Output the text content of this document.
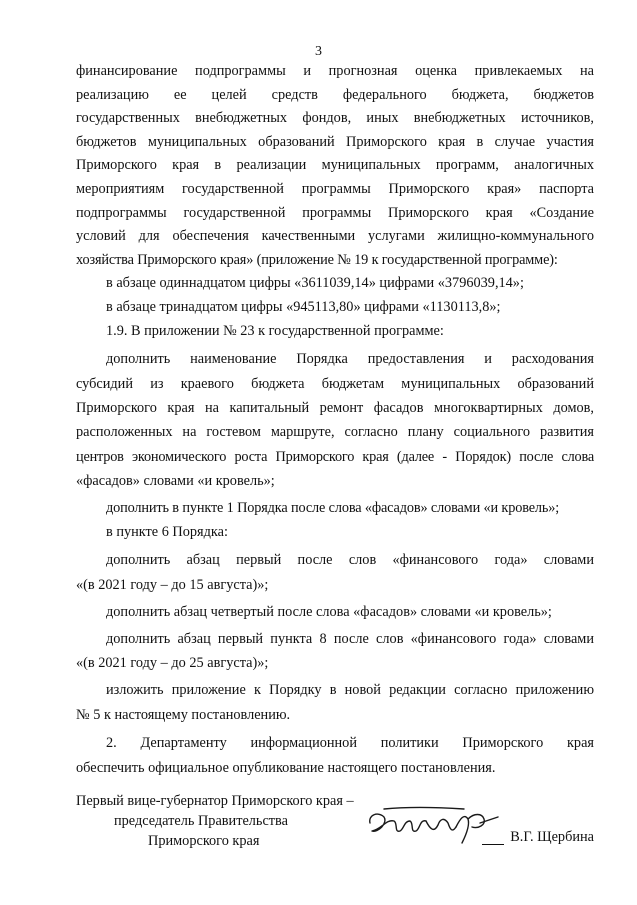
3

финансирование подпрограммы и прогнозная оценка привлекаемых на

реализацию ее целей средств федерального бюджета, бюджетов

государственных внебюджетных фондов, иных внебюджетных источников,

бюджетов муниципальных образований Приморского края в случае участия

Приморского края в реализации муниципальных программ, аналогичных

мероприятиям государственной программы Приморского края» паспорта

подпрограммы государственной программы Приморского края «Создание

условий для обеспечения качественными услугами жилищно-коммунального

хозяйства Приморского края» (приложение № 19 к государственной программе):

в абзаце одиннадцатом цифры «3611039,14» цифрами «3796039,14»;

в абзаце тринадцатом цифры «945113,80» цифрами «1130113,8»;

1.9. В приложении № 23 к государственной программе:

дополнить наименование Порядка предоставления и расходования

субсидий из краевого бюджета бюджетам муниципальных образований

Приморского края на капитальный ремонт фасадов многоквартирных домов,

расположенных на гостевом маршруте, согласно плану социального развития

центров экономического роста Приморского края (далее - Порядок) после слова

«фасадов» словами «и кровель»;

дополнить в пункте 1 Порядка после слова «фасадов» словами «и кровель»;

в пункте 6 Порядка:

дополнить абзац первый после слов «финансового года» словами

«(в 2021 году – до 15 августа)»;

дополнить абзац четвертый после слова «фасадов» словами «и кровель»;

дополнить абзац первый пункта 8 после слов «финансового года» словами

«(в 2021 году – до 25 августа)»;

изложить приложение к Порядку в новой редакции согласно приложению

№ 5 к настоящему постановлению.

2. Департаменту информационной политики Приморского края

обеспечить официальное опубликование настоящего постановления.

Первый вице-губернатор Приморского края –
председатель Правительства
Приморского края	В.Г. Щербина
